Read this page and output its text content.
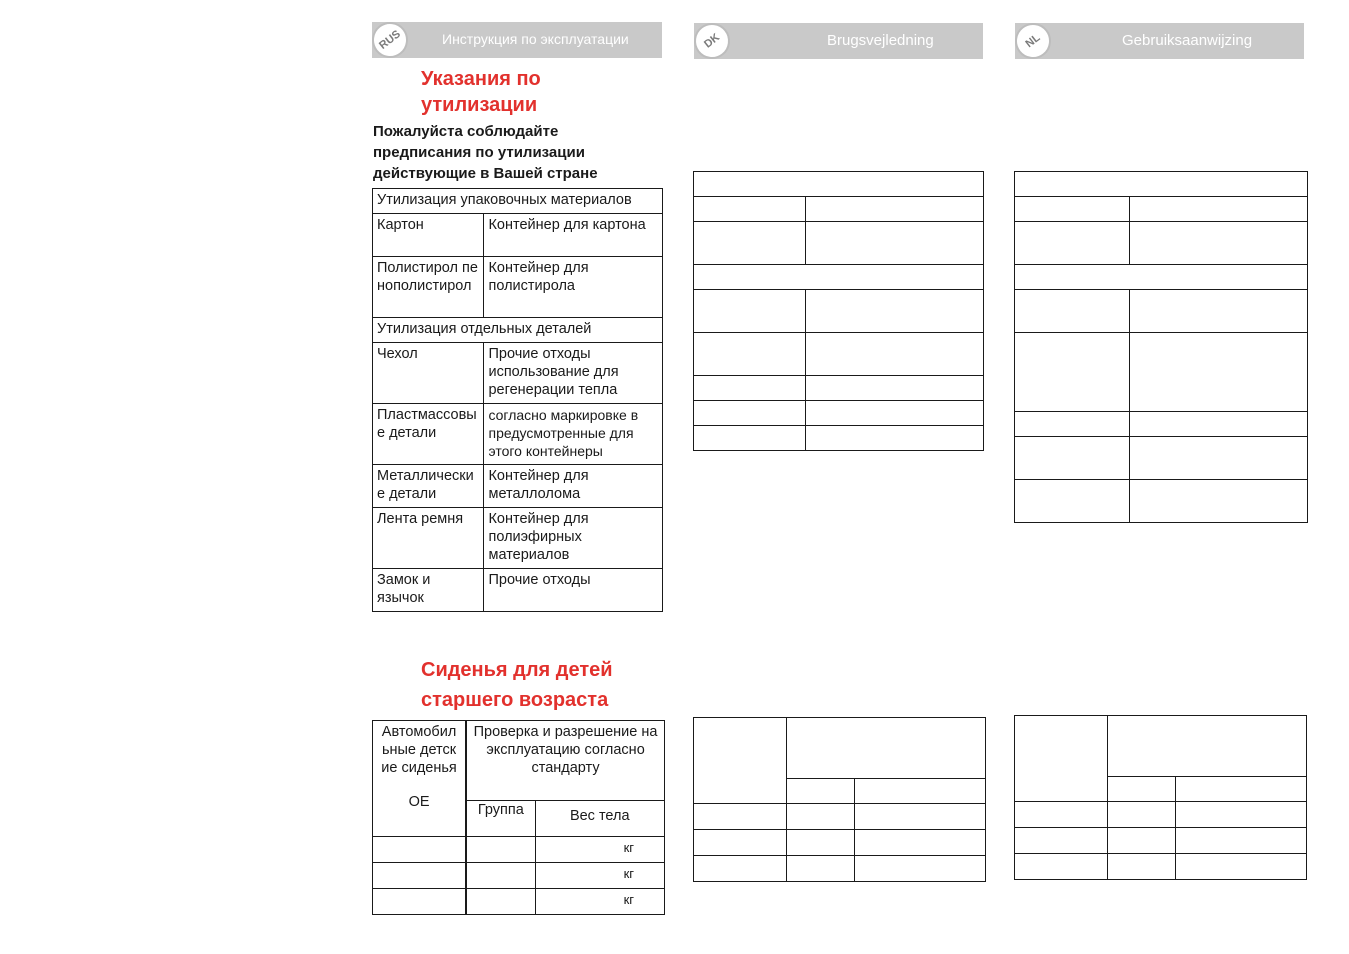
RUS	Инструкция по эксплуатации	DK	Brugsvejledning	NL	Gebruiksaanwijzing
Указания по
утилизации
Пожалуйста соблюдайте
предписания по утилизации
действующие в Вашей стране
Утилизация упаковочных материалов	
Картон	Контейнер для картона
Полистирол пенополистирол	Контейнер для полистирола
Утилизация отдельных деталей	
Чехол	Прочие отходы использование для регенерации тепла
Пластмассовые детали	согласно маркировке в предусмотренные для этого контейнеры
Металлические детали	Контейнер для металлолома
Лента ремня	Контейнер для полиэфирных материалов
Замок и язычок	Прочие отходы

Сиденья для детей
старшего возраста
Автомобильные детские сиденья
OE	Проверка и разрешение на эксплуатацию согласно стандарту	
	Группа	Вес тела
		кг
		кг
		кг
